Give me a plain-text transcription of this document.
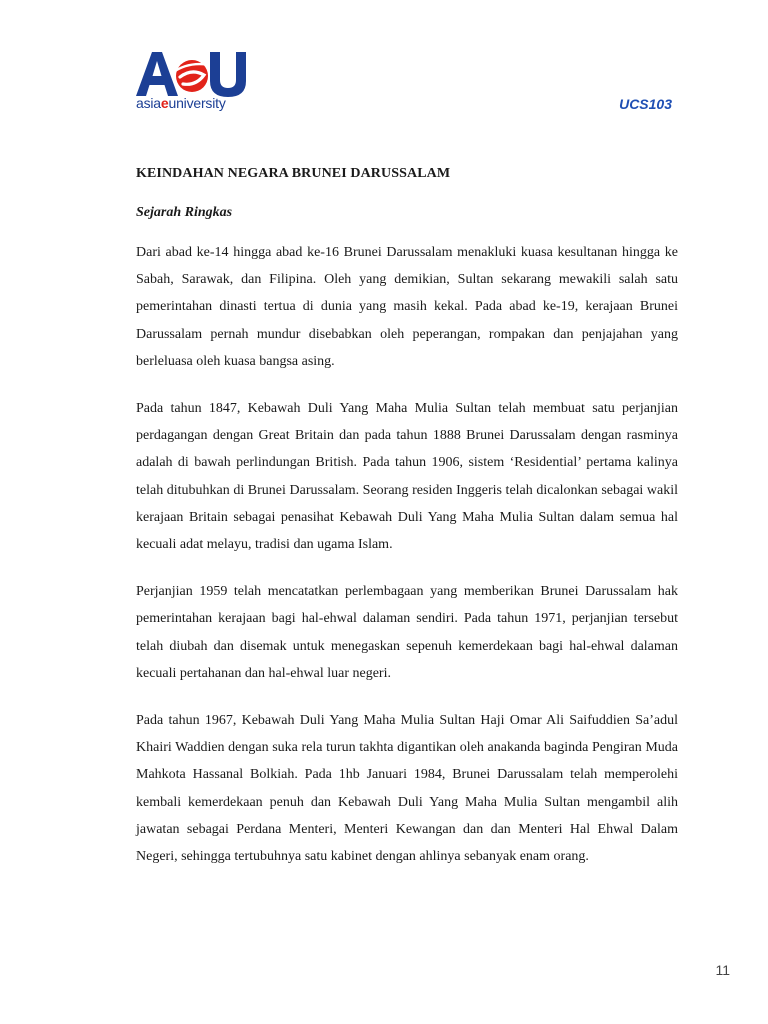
asiaeuniversity	UCS103
KEINDAHAN NEGARA BRUNEI DARUSSALAM
Sejarah Ringkas

Dari abad ke-14 hingga abad ke-16 Brunei Darussalam menakluki kuasa kesultanan hingga ke Sabah, Sarawak, dan Filipina. Oleh yang demikian, Sultan sekarang mewakili salah satu pemerintahan dinasti tertua di dunia yang masih kekal. Pada abad ke-19, kerajaan Brunei Darussalam pernah mundur disebabkan oleh peperangan, rompakan dan penjajahan yang berleluasa oleh kuasa bangsa asing.

Pada tahun 1847, Kebawah Duli Yang Maha Mulia Sultan telah membuat satu perjanjian perdagangan dengan Great Britain dan pada tahun 1888 Brunei Darussalam dengan rasminya adalah di bawah perlindungan British. Pada tahun 1906, sistem ‘Residential’ pertama kalinya telah ditubuhkan di Brunei Darussalam. Seorang residen Inggeris telah dicalonkan sebagai wakil kerajaan Britain sebagai penasihat Kebawah Duli Yang Maha Mulia Sultan dalam semua hal kecuali adat melayu, tradisi dan ugama Islam.

Perjanjian 1959 telah mencatatkan perlembagaan yang memberikan Brunei Darussalam hak pemerintahan kerajaan bagi hal-ehwal dalaman sendiri. Pada tahun 1971, perjanjian tersebut telah diubah dan disemak untuk menegaskan sepenuh kemerdekaan bagi hal-ehwal dalaman kecuali pertahanan dan hal-ehwal luar negeri.

Pada tahun 1967, Kebawah Duli Yang Maha Mulia Sultan Haji Omar Ali Saifuddien Sa’adul Khairi Waddien dengan suka rela turun takhta digantikan oleh anakanda baginda Pengiran Muda Mahkota Hassanal Bolkiah. Pada 1hb Januari 1984, Brunei Darussalam telah memperolehi kembali kemerdekaan penuh dan Kebawah Duli Yang Maha Mulia Sultan mengambil alih jawatan sebagai Perdana Menteri, Menteri Kewangan dan dan Menteri Hal Ehwal Dalam Negeri, sehingga tertubuhnya satu kabinet dengan ahlinya sebanyak enam orang.

11
